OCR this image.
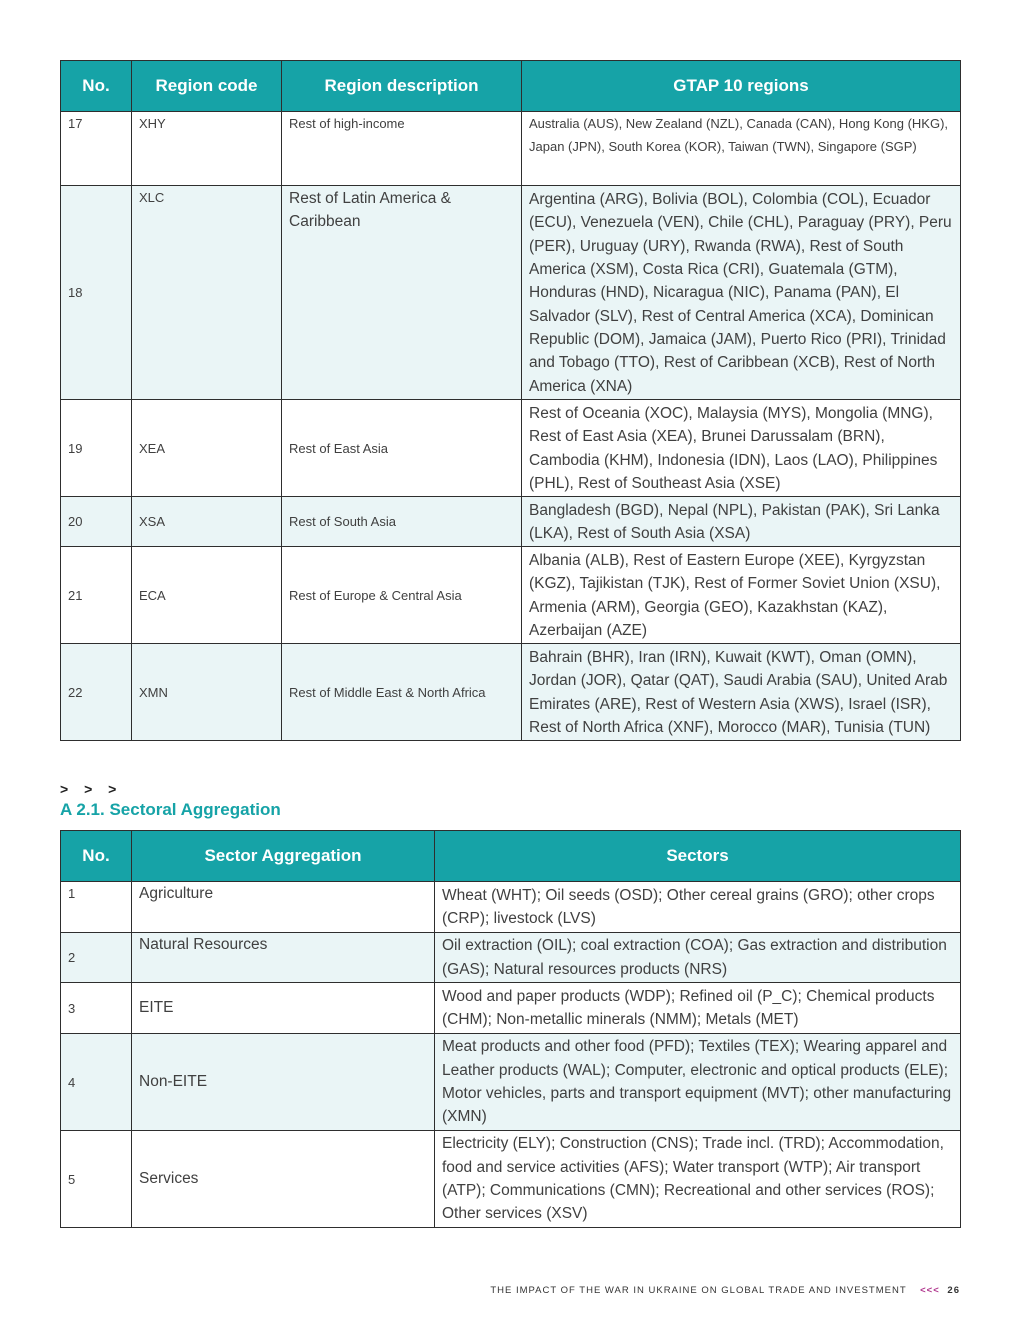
No.	Region code	Region description	GTAP 10 regions
17	XHY	Rest of high-income	Australia (AUS), New Zealand (NZL), Canada (CAN), Hong Kong (HKG), Japan (JPN), South Korea (KOR), Taiwan (TWN), Singapore (SGP)
18	XLC	Rest of Latin America & Caribbean	Argentina (ARG), Bolivia (BOL), Colombia (COL), Ecuador (ECU), Venezuela (VEN), Chile (CHL), Paraguay (PRY), Peru (PER), Uruguay (URY), Rwanda (RWA), Rest of South America (XSM), Costa Rica (CRI), Guatemala (GTM), Honduras (HND), Nicaragua (NIC), Panama (PAN), El Salvador (SLV), Rest of Central America (XCA), Dominican Republic (DOM), Jamaica (JAM), Puerto Rico (PRI), Trinidad and Tobago (TTO), Rest of Caribbean (XCB), Rest of North America (XNA)
19	XEA	Rest of East Asia	Rest of Oceania (XOC), Malaysia (MYS), Mongolia (MNG), Rest of East Asia (XEA), Brunei Darussalam (BRN), Cambodia (KHM), Indonesia (IDN), Laos (LAO), Philippines (PHL), Rest of Southeast Asia (XSE)
20	XSA	Rest of South Asia	Bangladesh (BGD), Nepal (NPL), Pakistan (PAK), Sri Lanka (LKA), Rest of South Asia (XSA)
21	ECA	Rest of Europe & Central Asia	Albania (ALB), Rest of Eastern Europe (XEE), Kyrgyzstan (KGZ), Tajikistan (TJK), Rest of Former Soviet Union (XSU), Armenia (ARM), Georgia (GEO), Kazakhstan (KAZ), Azerbaijan (AZE)
22	XMN	Rest of Middle East & North Africa	Bahrain (BHR), Iran (IRN), Kuwait (KWT), Oman (OMN), Jordan (JOR), Qatar (QAT), Saudi Arabia (SAU), United Arab Emirates (ARE), Rest of Western Asia (XWS), Israel (ISR), Rest of North Africa (XNF), Morocco (MAR), Tunisia (TUN)
> > >
A 2.1. Sectoral Aggregation
No.	Sector Aggregation	Sectors
1	Agriculture	Wheat (WHT); Oil seeds (OSD); Other cereal grains (GRO); other crops (CRP); livestock (LVS)
2	Natural Resources	Oil extraction (OIL); coal extraction (COA); Gas extraction and distribution (GAS); Natural resources products (NRS)
3	EITE	Wood and paper products (WDP); Refined oil (P_C); Chemical products (CHM); Non-metallic minerals (NMM); Metals (MET)
4	Non-EITE	Meat products and other food (PFD); Textiles (TEX); Wearing apparel and Leather products (WAL); Computer, electronic and optical products (ELE); Motor vehicles, parts and transport equipment (MVT); other manufacturing (XMN)
5	Services	Electricity (ELY); Construction (CNS); Trade incl. (TRD); Accommodation, food and service activities (AFS); Water transport (WTP); Air transport (ATP); Communications (CMN); Recreational and other services (ROS); Other services (XSV)
THE IMPACT OF THE WAR IN UKRAINE ON GLOBAL TRADE AND INVESTMENT <<< 26
